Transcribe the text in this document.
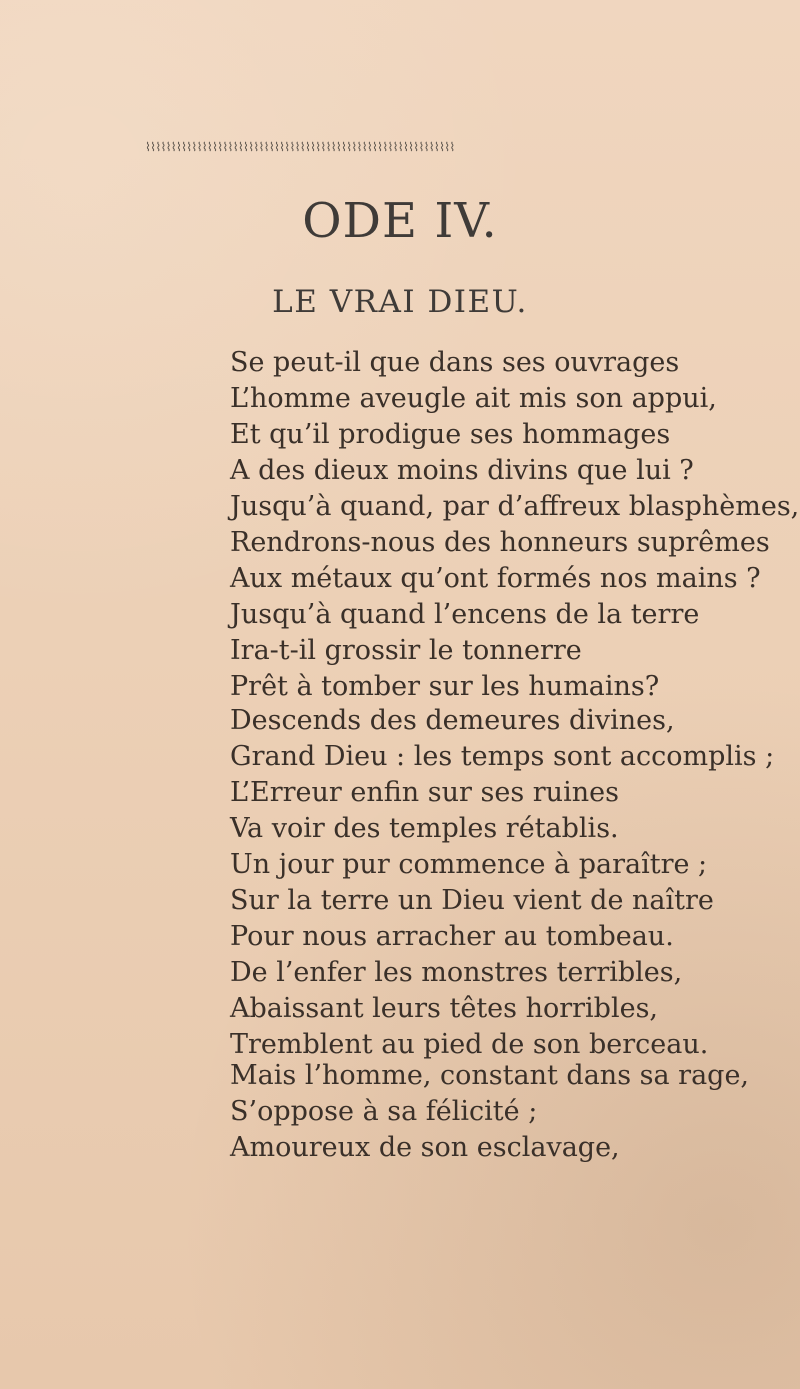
⌇⌇⌇⌇⌇⌇⌇⌇⌇⌇⌇⌇⌇⌇⌇⌇⌇⌇⌇⌇⌇⌇⌇⌇⌇⌇⌇⌇⌇⌇⌇⌇⌇⌇⌇⌇⌇⌇⌇⌇⌇⌇⌇⌇⌇⌇⌇⌇⌇⌇⌇⌇⌇⌇⌇⌇⌇⌇⌇⌇
ODE IV.
LE VRAI DIEU.
Se peut-il que dans ses ouvrages
L’homme aveugle ait mis son appui,
Et qu’il prodigue ses hommages
A des dieux moins divins que lui ?
Jusqu’à quand, par d’affreux blasphèmes,
Rendrons-nous des honneurs suprêmes
Aux métaux qu’ont formés nos mains ?
Jusqu’à quand l’encens de la terre
Ira-t-il grossir le tonnerre
Prêt à tomber sur les humains?
Descends des demeures divines,
Grand Dieu : les temps sont accomplis ;
L’Erreur enfin sur ses ruines
Va voir des temples rétablis.
Un jour pur commence à paraître ;
Sur la terre un Dieu vient de naître
Pour nous arracher au tombeau.
De l’enfer les monstres terribles,
Abaissant leurs têtes horribles,
Tremblent au pied de son berceau.
Mais l’homme, constant dans sa rage,
S’oppose à sa félicité ;
Amoureux de son esclavage,
